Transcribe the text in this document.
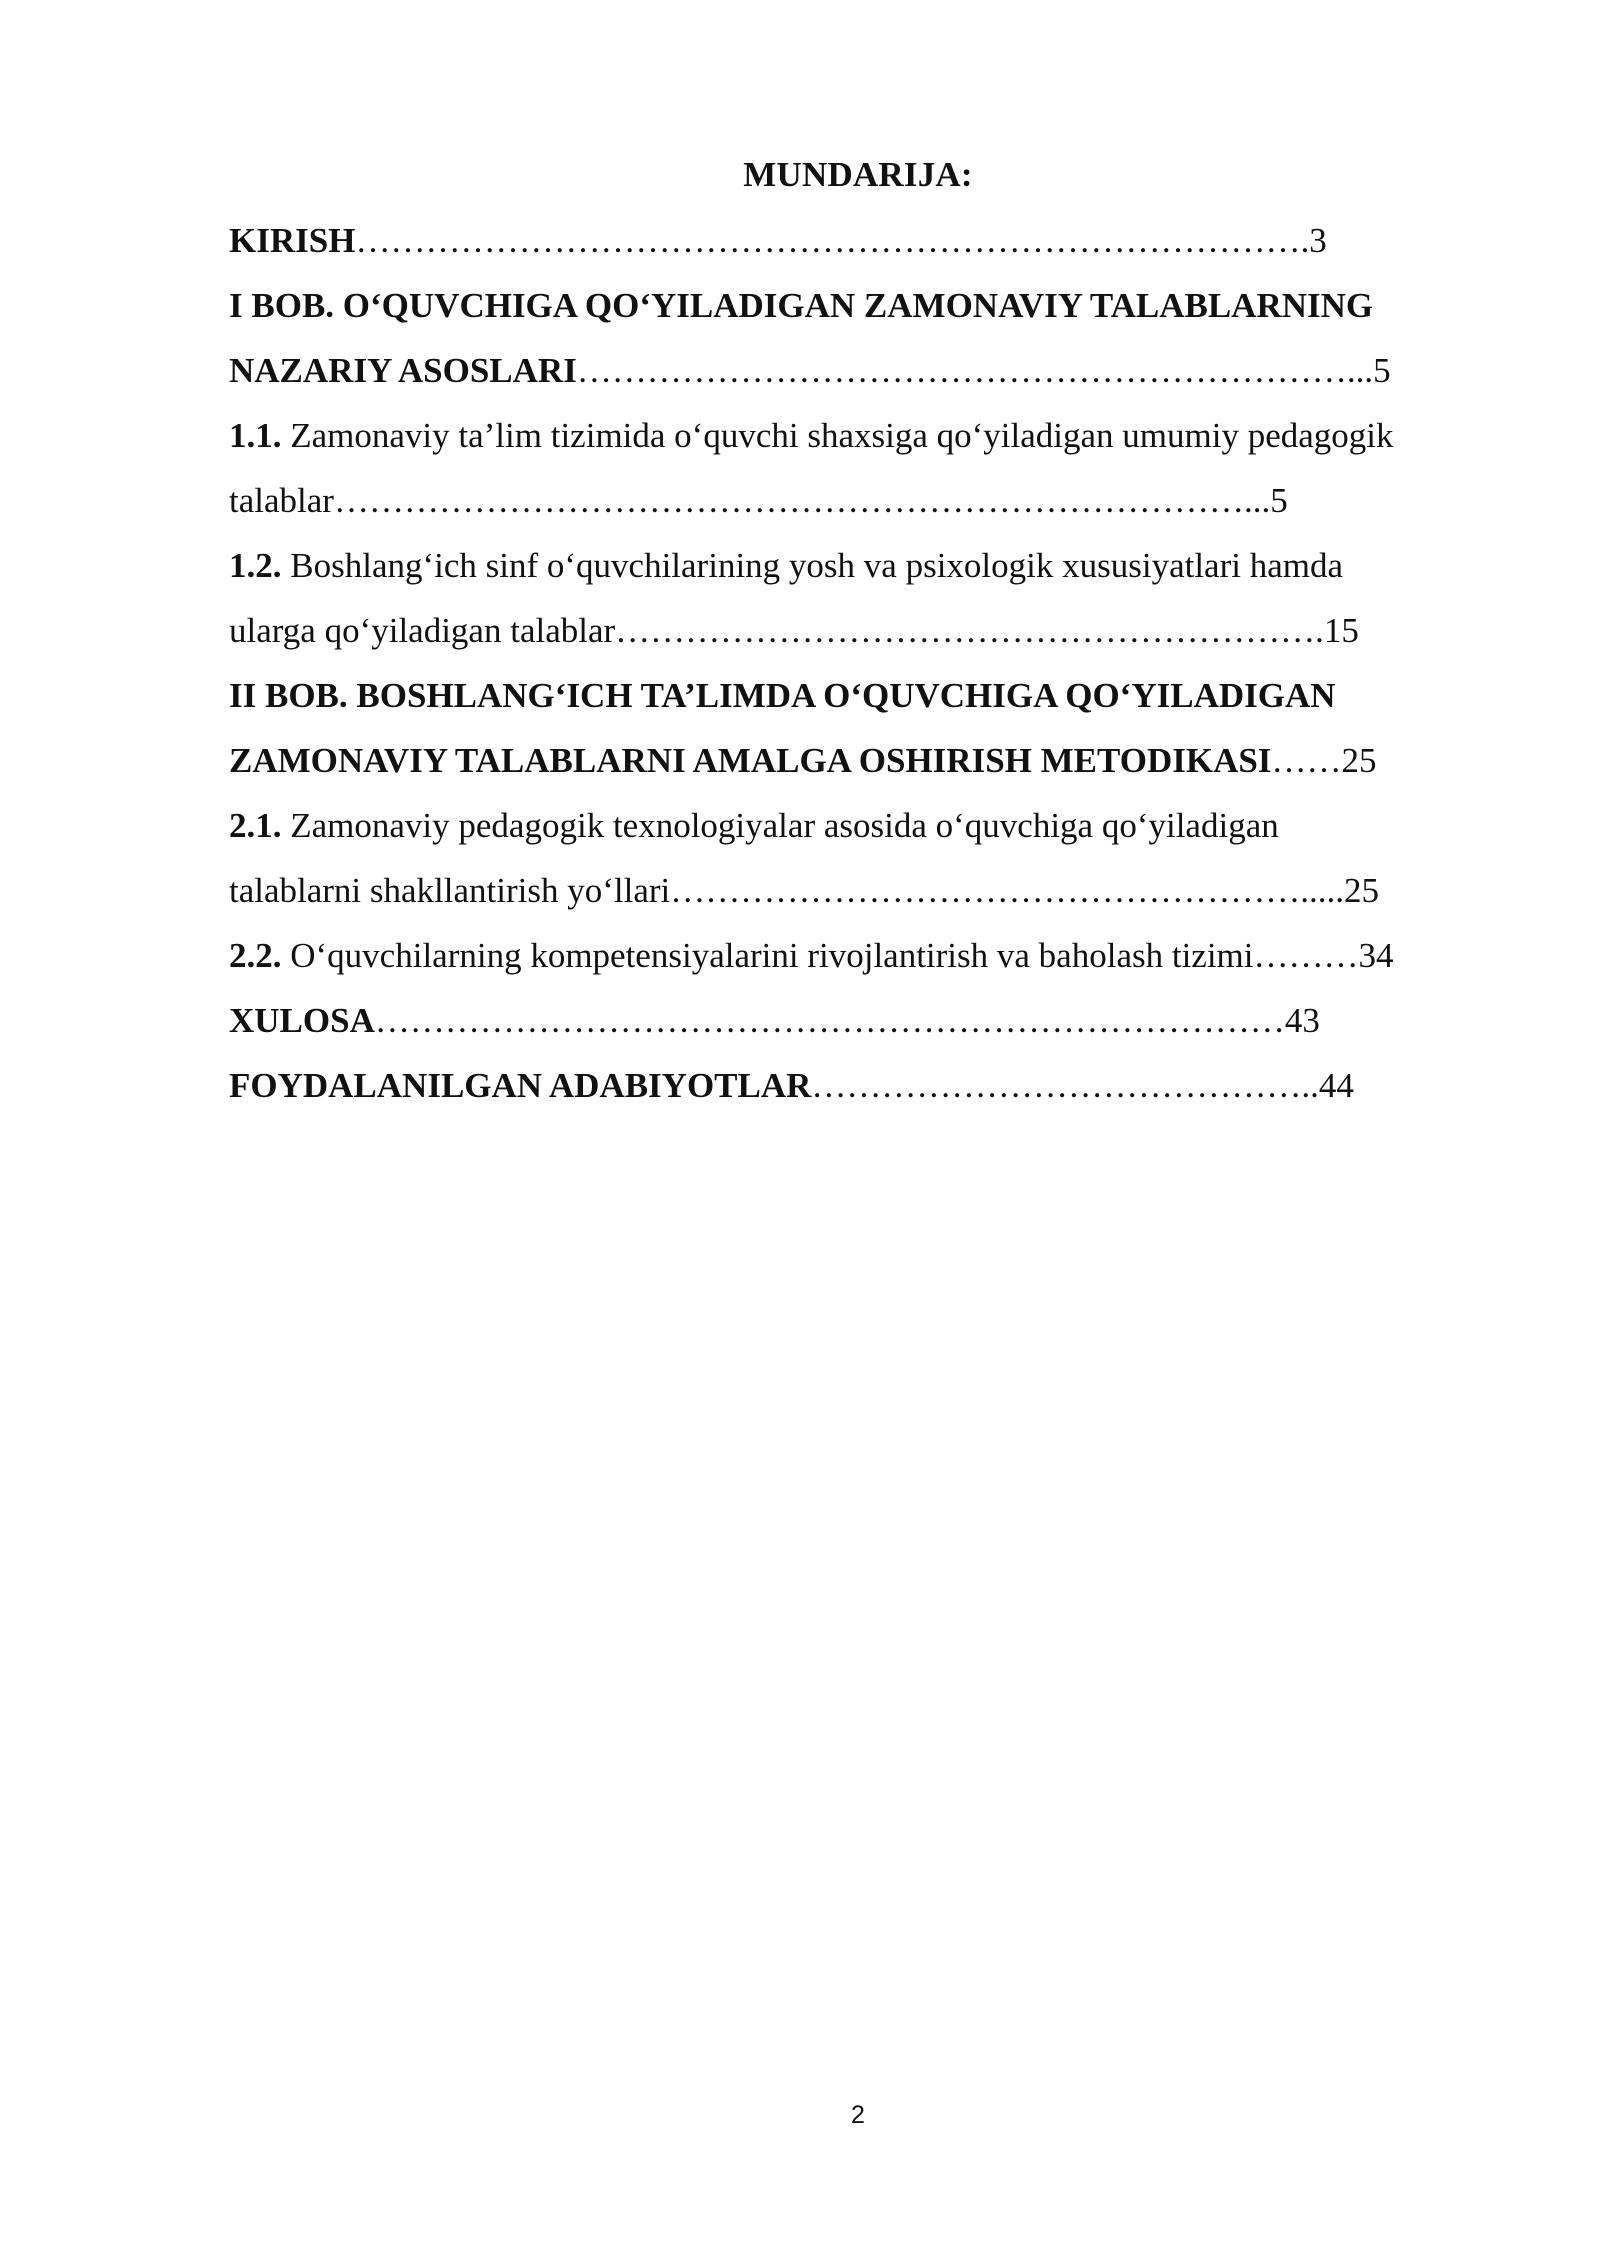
MUNDARIJA:
KIRISH……………………………………………………………………….3
I BOB. O‘QUVCHIGA QO‘YILADIGAN ZAMONAVIY TALABLARNING
NAZARIY ASOSLARI…………………………………………………………...5
1.1. Zamonaviy ta’lim tizimida o‘quvchi shaxsiga qo‘yiladigan umumiy pedagogik
talablar……………………………………………………………………...5
1.2. Boshlang‘ich sinf o‘quvchilarining yosh va psixologik xususiyatlari hamda
ularga qo‘yiladigan talablar…………………………………………………….15
II BOB. BOSHLANG‘ICH TA’LIMDA O‘QUVCHIGA QO‘YILADIGAN
ZAMONAVIY TALABLARNI AMALGA OSHIRISH METODIKASI……25
2.1. Zamonaviy pedagogik texnologiyalar asosida o‘quvchiga qo‘yiladigan
talablarni shakllantirish yo‘llari……………………………………………….....25
2.2. O‘quvchilarning kompetensiyalarini rivojlantirish va baholash tizimi………34
XULOSA……………………………………………………………………43
FOYDALANILGAN ADABIYOTLAR……………………………………..44
2
